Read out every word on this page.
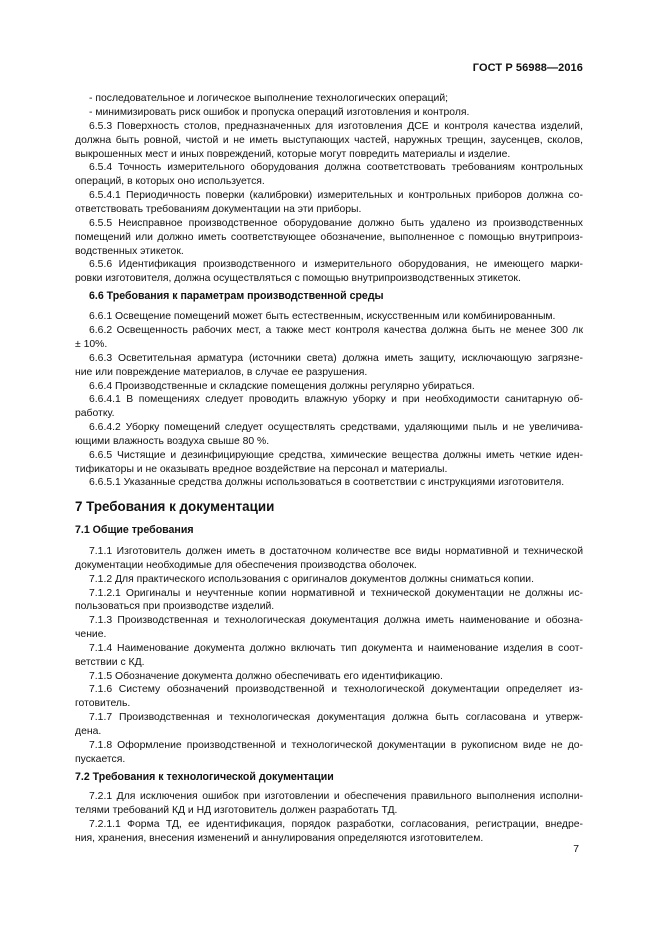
ГОСТ Р 56988—2016
7
- последовательное и логическое выполнение технологических операций;
- минимизировать риск ошибок и пропуска операций изготовления и контроля.
6.5.3 Поверхность столов, предназначенных для изготовления ДСЕ и контроля качества изделий,
должна быть ровной, чистой и не иметь выступающих частей, наружных трещин, заусенцев, сколов,
выкрошенных мест и иных повреждений, которые могут повредить материалы и изделие.
6.5.4 Точность измерительного оборудования должна соответствовать требованиям контрольных
операций, в которых оно используется.
6.5.4.1 Периодичность поверки (калибровки) измерительных и контрольных приборов должна со-
ответствовать требованиям документации на эти приборы.
6.5.5 Неисправное производственное оборудование должно быть удалено из производственных
помещений или должно иметь соответствующее обозначение, выполненное с помощью внутрипроиз-
водственных этикеток.
6.5.6 Идентификация производственного и измерительного оборудования, не имеющего марки-
ровки изготовителя, должна осуществляться с помощью внутрипроизводственных этикеток.
6.6 Требования к параметрам производственной среды
6.6.1 Освещение помещений может быть естественным, искусственным или комбинированным.
6.6.2 Освещенность рабочих мест, а также мест контроля качества должна быть не менее 300 лк
± 10%.
6.6.3 Осветительная арматура (источники света) должна иметь защиту, исключающую загрязне-
ние или повреждение материалов, в случае ее разрушения.
6.6.4 Производственные и складские помещения должны регулярно убираться.
6.6.4.1 В помещениях следует проводить влажную уборку и при необходимости санитарную об-
работку.
6.6.4.2 Уборку помещений следует осуществлять средствами, удаляющими пыль и не увеличива-
ющими влажность воздуха свыше 80 %.
6.6.5 Чистящие и дезинфицирующие средства, химические вещества должны иметь четкие иден-
тификаторы и не оказывать вредное воздействие на персонал и материалы.
6.6.5.1 Указанные средства должны использоваться в соответствии с инструкциями изготовителя.
7 Требования к документации
7.1 Общие требования
7.1.1 Изготовитель должен иметь в достаточном количестве все виды нормативной и технической
документации необходимые для обеспечения производства оболочек.
7.1.2 Для практического использования с оригиналов документов должны сниматься копии.
7.1.2.1 Оригиналы и неучтенные копии нормативной и технической документации не должны ис-
пользоваться при производстве изделий.
7.1.3 Производственная и технологическая документация должна иметь наименование и обозна-
чение.
7.1.4 Наименование документа должно включать тип документа и наименование изделия в соот-
ветствии с КД.
7.1.5 Обозначение документа должно обеспечивать его идентификацию.
7.1.6 Систему обозначений производственной и технологической документации определяет из-
готовитель.
7.1.7 Производственная и технологическая документация должна быть согласована и утверж-
дена.
7.1.8 Оформление производственной и технологической документации в рукописном виде не до-
пускается.
7.2 Требования к технологической документации
7.2.1 Для исключения ошибок при изготовлении и обеспечения правильного выполнения исполни-
телями требований КД и НД изготовитель должен разработать ТД.
7.2.1.1 Форма ТД, ее идентификация, порядок разработки, согласования, регистрации, внедре-
ния, хранения, внесения изменений и аннулирования определяются изготовителем.
